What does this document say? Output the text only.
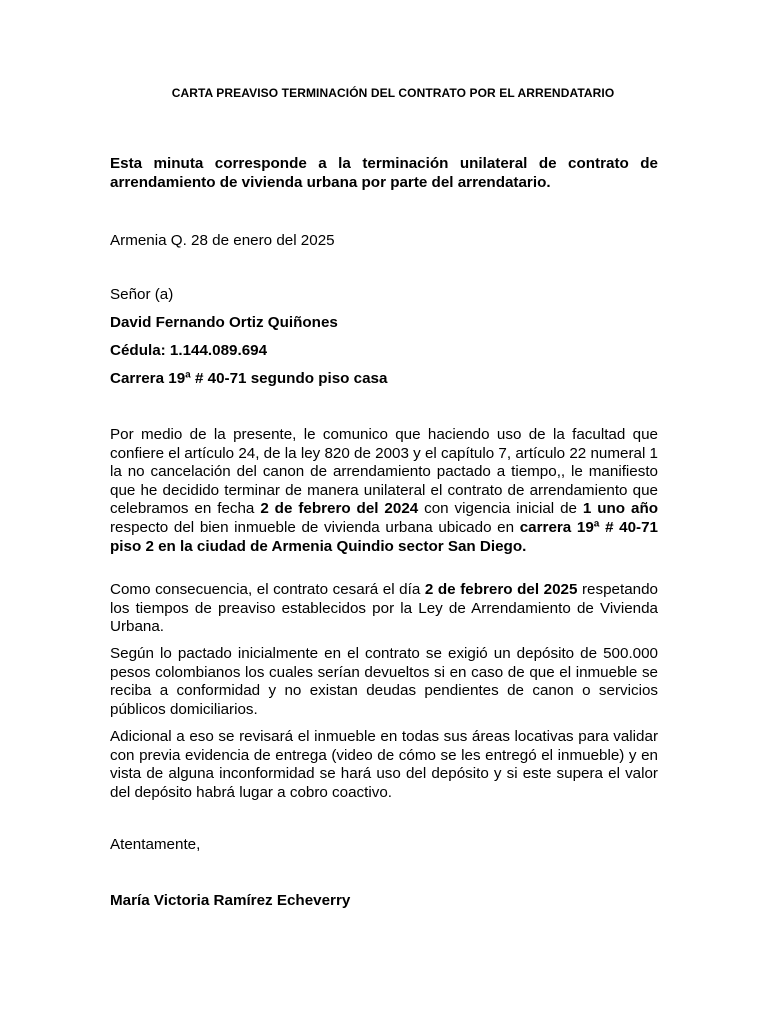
CARTA PREAVISO TERMINACIÓN DEL CONTRATO POR EL ARRENDATARIO
Esta minuta corresponde a la terminación unilateral de contrato de arrendamiento de vivienda urbana por parte del arrendatario.
Armenia Q. 28 de enero del 2025
Señor (a)
David Fernando Ortiz Quiñones
Cédula: 1.144.089.694
Carrera 19ª # 40-71 segundo piso casa
Por medio de la presente, le comunico que haciendo uso de la facultad que confiere el artículo 24, de la ley 820 de 2003 y el capítulo 7, artículo 22 numeral 1 la no cancelación del canon de arrendamiento pactado a tiempo,, le manifiesto que he decidido terminar de manera unilateral el contrato de arrendamiento que celebramos en fecha 2 de febrero del 2024 con vigencia inicial de 1 uno año  respecto del bien inmueble de vivienda urbana ubicado en carrera 19ª # 40-71 piso 2 en la ciudad de Armenia Quindio sector San Diego.
Como consecuencia, el contrato cesará el día 2 de febrero del 2025 respetando los tiempos de preaviso establecidos por la Ley de Arrendamiento de Vivienda Urbana.
Según lo pactado inicialmente en el contrato se exigió un depósito de 500.000 pesos colombianos los cuales serían devueltos si en caso de que el inmueble se reciba a conformidad y no existan deudas pendientes de canon o servicios públicos domiciliarios.
Adicional a eso se revisará el inmueble en todas sus áreas locativas para validar con previa evidencia de entrega (video de cómo se les entregó el inmueble) y en vista de alguna inconformidad se hará uso del depósito y si este supera el valor del depósito habrá lugar a cobro coactivo.
Atentamente,
María Victoria Ramírez Echeverry
